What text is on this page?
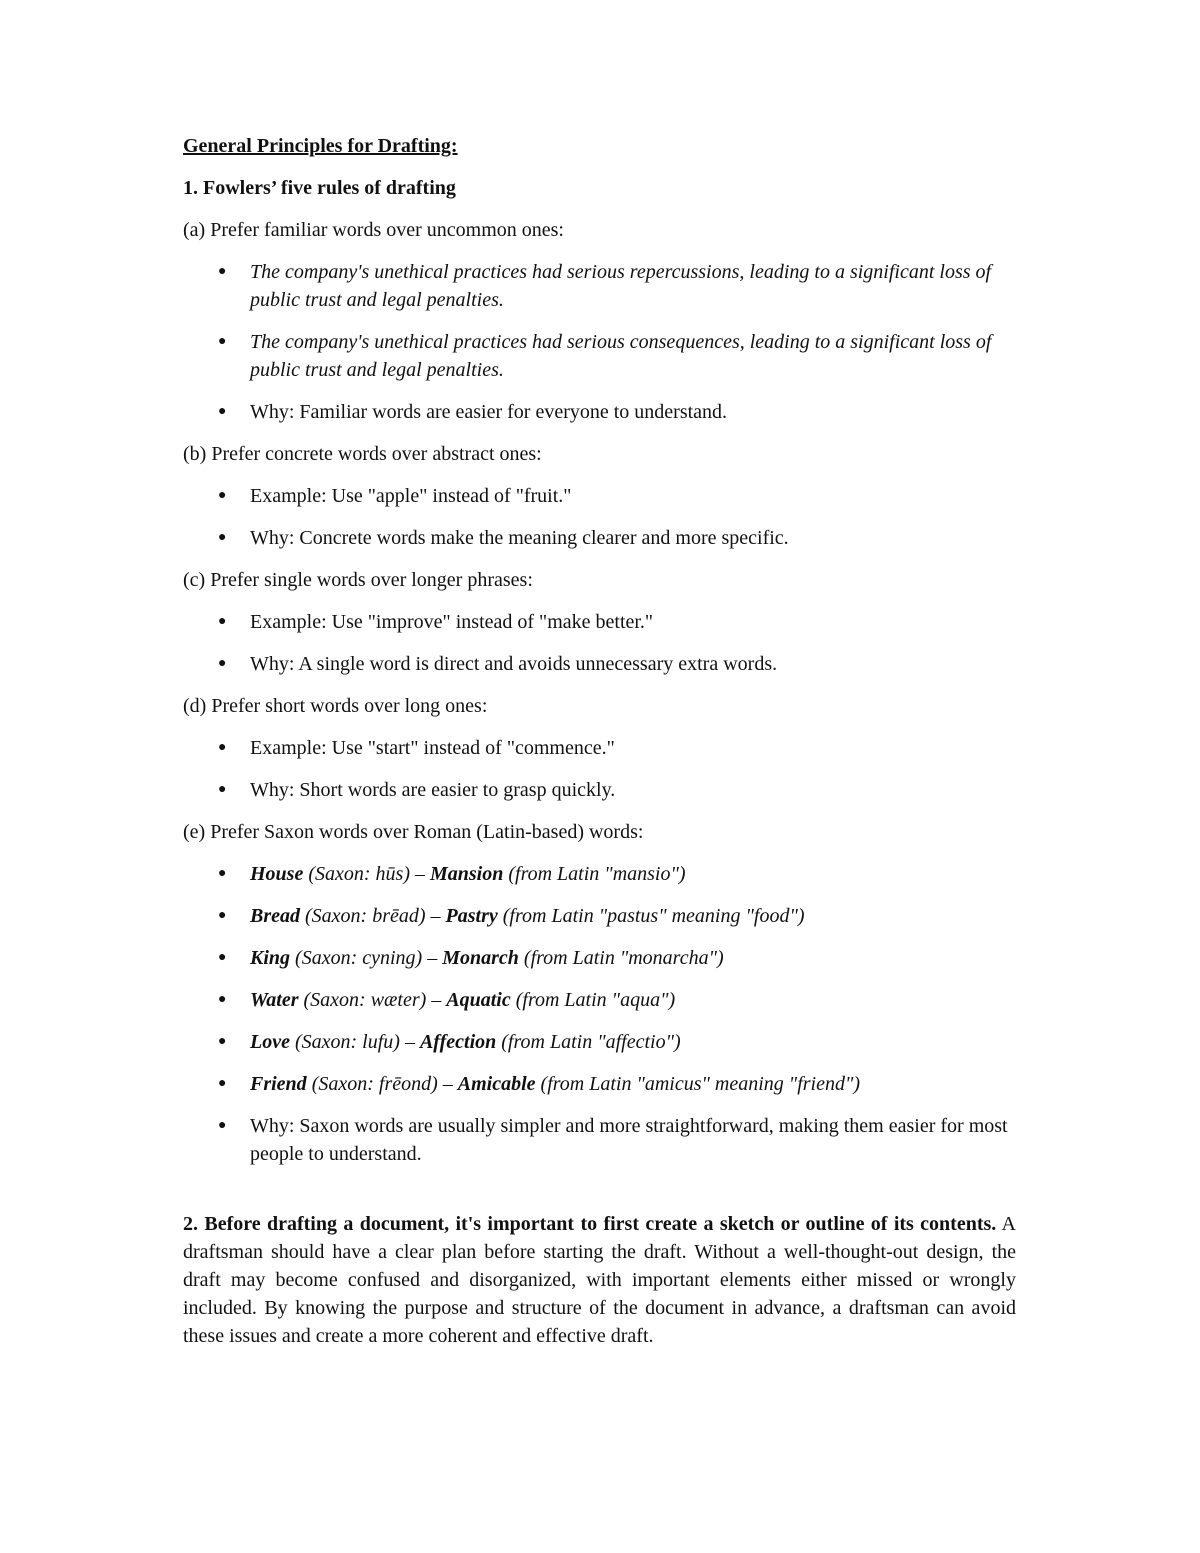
General Principles for Drafting:
1. Fowlers’ five rules of drafting
(a) Prefer familiar words over uncommon ones:
● The company's unethical practices had serious repercussions, leading to a significant loss of public trust and legal penalties.
● The company's unethical practices had serious consequences, leading to a significant loss of public trust and legal penalties.
● Why: Familiar words are easier for everyone to understand.
(b) Prefer concrete words over abstract ones:
● Example: Use "apple" instead of "fruit."
● Why: Concrete words make the meaning clearer and more specific.
(c) Prefer single words over longer phrases:
● Example: Use "improve" instead of "make better."
● Why: A single word is direct and avoids unnecessary extra words.
(d) Prefer short words over long ones:
● Example: Use "start" instead of "commence."
● Why: Short words are easier to grasp quickly.
(e) Prefer Saxon words over Roman (Latin-based) words:
● House (Saxon: hūs) – Mansion (from Latin "mansio")
● Bread (Saxon: brēad) – Pastry (from Latin "pastus" meaning "food")
● King (Saxon: cyning) – Monarch (from Latin "monarcha")
● Water (Saxon: wæter) – Aquatic (from Latin "aqua")
● Love (Saxon: lufu) – Affection (from Latin "affectio")
● Friend (Saxon: frēond) – Amicable (from Latin "amicus" meaning "friend")
● Why: Saxon words are usually simpler and more straightforward, making them easier for most people to understand.
2. Before drafting a document, it's important to first create a sketch or outline of its contents. A draftsman should have a clear plan before starting the draft. Without a well-thought-out design, the draft may become confused and disorganized, with important elements either missed or wrongly included. By knowing the purpose and structure of the document in advance, a draftsman can avoid these issues and create a more coherent and effective draft.
